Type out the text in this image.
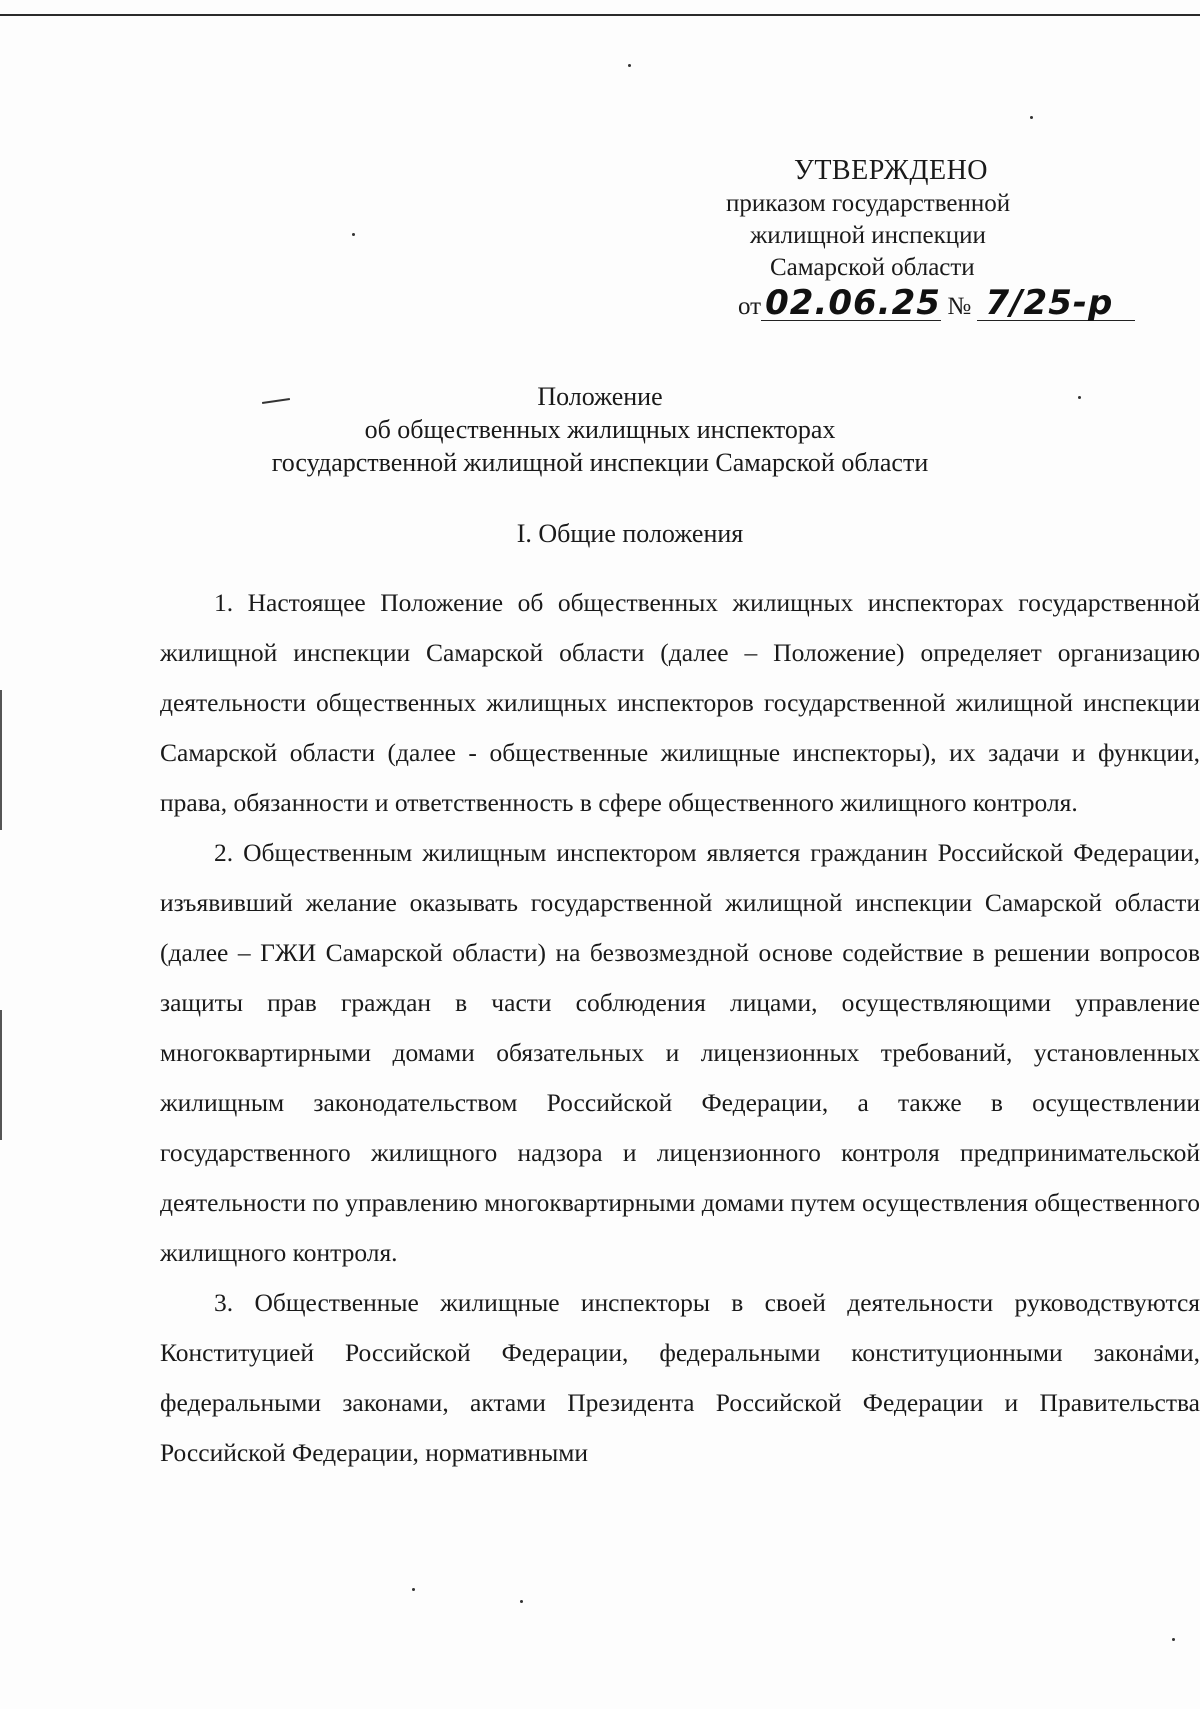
УТВЕРЖДЕНО
приказом государственной
жилищной инспекции
Самарской области
от 02.06.25 № 7/25-р
Положение
об общественных жилищных инспекторах
государственной жилищной инспекции Самарской области
I. Общие положения

1. Настоящее Положение об общественных жилищных инспекторах государственной жилищной инспекции Самарской области (далее – Положение) определяет организацию деятельности общественных жилищных инспекторов государственной жилищной инспекции Самарской области (далее - общественные жилищные инспекторы), их задачи и функции, права, обязанности и ответственность в сфере общественного жилищного контроля.

2. Общественным жилищным инспектором является гражданин Российской Федерации, изъявивший желание оказывать государственной жилищной инспекции Самарской области (далее – ГЖИ Самарской области) на безвозмездной основе содействие в решении вопросов защиты прав граждан в части соблюдения лицами, осуществляющими управление многоквартирными домами обязательных и лицензионных требований, установленных жилищным законодательством Российской Федерации, а также в осуществлении государственного жилищного надзора и лицензионного контроля предпринимательской деятельности по управлению многоквартирными домами путем осуществления общественного жилищного контроля.

3. Общественные жилищные инспекторы в своей деятельности руководствуются Конституцией Российской Федерации, федеральными конституционными законами, федеральными законами, актами Президента Российской Федерации и Правительства Российской Федерации, нормативными
